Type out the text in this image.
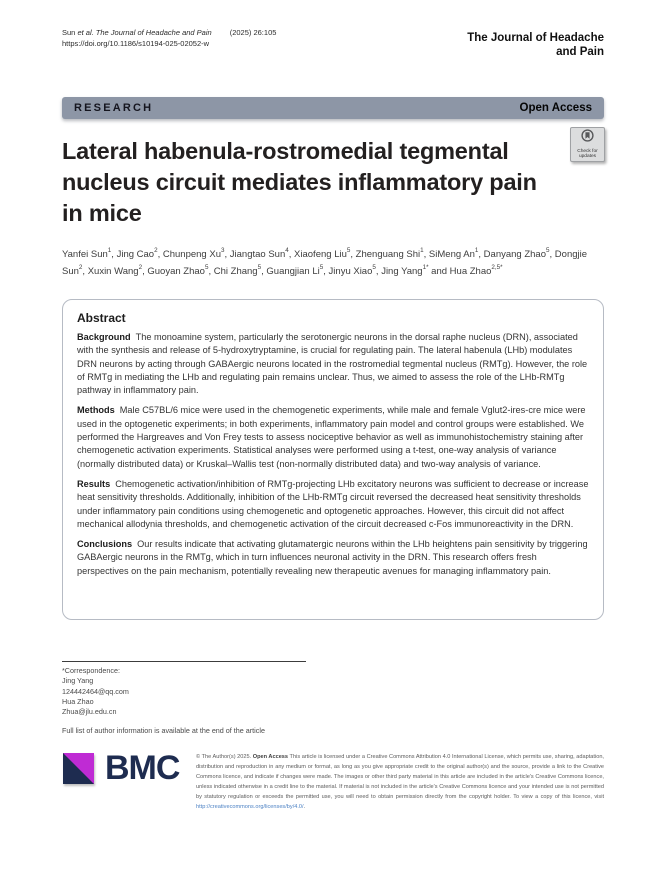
Sun et al. The Journal of Headache and Pain (2025) 26:105
https://doi.org/10.1186/s10194-025-02052-w	The Journal of Headache
and Pain
RESEARCH	Open Access
Check for
updates
Lateral habenula-rostromedial tegmental
nucleus circuit mediates inflammatory pain
in mice
Yanfei Sun$^1$, Jing Cao$^2$, Chunpeng Xu$^3$, Jiangtao Sun$^4$, Xiaofeng Liu$^5$, Zhenguang Shi$^1$, SiMeng An$^1$, Danyang Zhao$^5$, Dongjie Sun$^2$, Xuxin Wang$^2$, Guoyan Zhao$^5$, Chi Zhang$^5$, Guangjian Li$^5$, Jinyu Xiao$^5$, Jing Yang$^{1*}$ and Hua Zhao$^{2,5*}$
Abstract

Background The monoamine system, particularly the serotonergic neurons in the dorsal raphe nucleus (DRN), associated with the synthesis and release of 5-hydroxytryptamine, is crucial for regulating pain. The lateral habenula (LHb) modulates DRN neurons by acting through GABAergic neurons located in the rostromedial tegmental nucleus (RMTg). However, the role of RMTg in mediating the LHb and regulating pain remains unclear. Thus, we aimed to assess the role of the LHb-RMTg pathway in inflammatory pain.

Methods Male C57BL/6 mice were used in the chemogenetic experiments, while male and female Vglut2-ires-cre mice were used in the optogenetic experiments; in both experiments, inflammatory pain model and control groups were established. We performed the Hargreaves and Von Frey tests to assess nociceptive behavior as well as immunohistochemistry staining after chemogenetic activation experiments. Statistical analyses were performed using a t-test, one-way analysis of variance (normally distributed data) or Kruskal–Wallis test (non-normally distributed data) and two-way analysis of variance.

Results Chemogenetic activation/inhibition of RMTg-projecting LHb excitatory neurons was sufficient to decrease or increase heat sensitivity thresholds. Additionally, inhibition of the LHb-RMTg circuit reversed the decreased heat sensitivity thresholds under inflammatory pain conditions using chemogenetic and optogenetic approaches. However, this circuit did not affect mechanical allodynia thresholds, and chemogenetic activation of the circuit decreased c-Fos immunoreactivity in the DRN.

Conclusions Our results indicate that activating glutamatergic neurons within the LHb heightens pain sensitivity by triggering GABAergic neurons in the RMTg, which in turn influences neuronal activity in the DRN. This research offers fresh perspectives on the pain mechanism, potentially revealing new therapeutic avenues for managing inflammatory pain.

*Correspondence:
Jing Yang
124442464@qq.com
Hua Zhao
Zhua@jlu.edu.cn
Full list of author information is available at the end of the article
BMC	© The Author(s) 2025. Open Access This article is licensed under a Creative Commons Attribution 4.0 International License, which permits use, sharing, adaptation, distribution and reproduction in any medium or format, as long as you give appropriate credit to the original author(s) and the source, provide a link to the Creative Commons licence, and indicate if changes were made. The images or other third party material in this article are included in the article's Creative Commons licence, unless indicated otherwise in a credit line to the material. If material is not included in the article's Creative Commons licence and your intended use is not permitted by statutory regulation or exceeds the permitted use, you will need to obtain permission directly from the copyright holder. To view a copy of this licence, visit http://creativecommons.org/licenses/by/4.0/.
